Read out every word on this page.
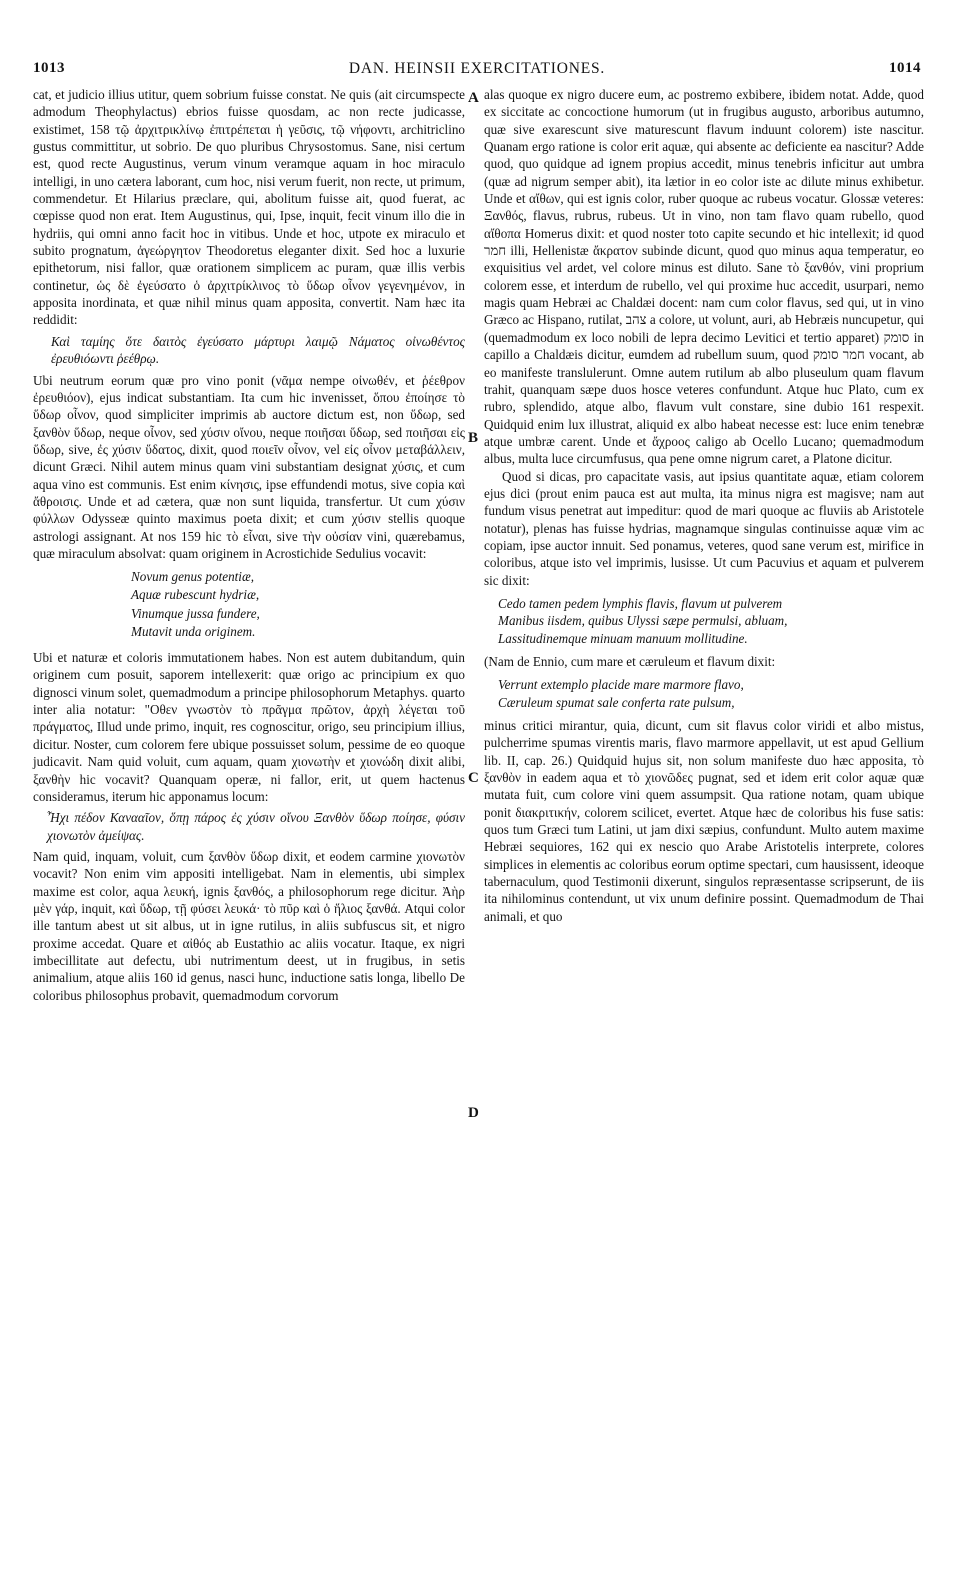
1013	DAN. HEINSII EXERCITATIONES.	1014
A
B
C
D

cat, et judicio illius utitur, quem sobrium fuisse constat. Ne quis (ait circumspecte admodum Theophylactus) ebrios fuisse quosdam, ac non recte judicasse, existimet, 158 τῷ ἀρχιτρικλίνῳ ἐπιτρέπεται ἡ γεῦσις, τῷ νήφοντι, architriclino gustus committitur, ut sobrio. De quo pluribus Chrysostomus. Sane, nisi certum est, quod recte Augustinus, verum vinum veramque aquam in hoc miraculo intelligi, in uno cætera laborant, cum hoc, nisi verum fuerit, non recte, ut primum, commendetur. Et Hilarius præclare, qui, abolitum fuisse ait, quod fuerat, ac cœpisse quod non erat. Item Augustinus, qui, Ipse, inquit, fecit vinum illo die in hydriis, qui omni anno facit hoc in vitibus. Unde et hoc, utpote ex miraculo et subito prognatum, ἀγεώργητον Theodoretus eleganter dixit. Sed hoc a luxurie epithetorum, nisi fallor, quæ orationem simplicem ac puram, quæ illis verbis continetur, ὡς δὲ ἐγεύσατο ὁ ἀρχιτρίκλινος τὸ ὕδωρ οἶνον γεγενημένον, in apposita inordinata, et quæ nihil minus quam apposita, convertit. Nam hæc ita reddidit:

Καὶ ταμίης ὅτε δαιτὸς ἐγεύσατο μάρτυρι λαιμῷ Νάματος οἰνωθέντος ἐρευθιόωντι ῥεέθρῳ.

Ubi neutrum eorum quæ pro vino ponit (νᾶμα nempe οἰνωθέν, et ῥέεθρον ἐρευθιόον), ejus indicat substantiam. Ita cum hic invenisset, ὅπου ἐποίησε τὸ ὕδωρ οἶνον, quod simpliciter imprimis ab auctore dictum est, non ὕδωρ, sed ξανθὸν ὕδωρ, neque οἶνον, sed χύσιν οἴνου, neque ποιῆσαι ὕδωρ, sed ποιῆσαι εἰς ὕδωρ, sive, ἐς χύσιν ὕδατος, dixit, quod ποιεῖν οἶνον, vel εἰς οἶνον μεταβάλλειν, dicunt Græci. Nihil autem minus quam vini substantiam designat χύσις, et cum aqua vino est communis. Est enim κίνησις, ipse effundendi motus, sive copia καὶ ἄθροισις. Unde et ad cætera, quæ non sunt liquida, transfertur. Ut cum χύσιν φύλλων Odysseæ quinto maximus poeta dixit; et cum χύσιν stellis quoque astrologi assignant. At nos 159 hic τὸ εἶναι, sive τὴν οὐσίαν vini, quærebamus, quæ miraculum absolvat: quam originem in Acrostichide Sedulius vocavit:

Novum genus potentiæ,
Aquæ rubescunt hydriæ,
Vinumque jussa fundere,
Mutavit unda originem.

Ubi et naturæ et coloris immutationem habes. Non est autem dubitandum, quin originem cum posuit, saporem intellexerit: quæ origo ac principium ex quo dignosci vinum solet, quemadmodum a principe philosophorum Metaphys. quarto inter alia notatur: "Οθεν γνωστὸν τὸ πρᾶγμα πρῶτον, ἀρχὴ λέγεται τοῦ πράγματος, Illud unde primo, inquit, res cognoscitur, origo, seu principium illius, dicitur. Noster, cum colorem fere ubique possuisset solum, pessime de eo quoque judicavit. Nam quid voluit, cum aquam, quam χιονωτὴν et χιονώδη dixit alibi, ξανθὴν hic vocavit? Quanquam operæ, ni fallor, erit, ut quem hactenus consideramus, iterum hic apponamus locum:

Ἦχι πέδον Κανααῖον, ὅπῃ πάρος ἐς χύσιν οἴνου Ξανθὸν ὕδωρ ποίησε, φύσιν χιονωτὸν ἀμείψας.

Nam quid, inquam, voluit, cum ξανθὸν ὕδωρ dixit, et eodem carmine χιονωτὸν vocavit? Non enim vim appositi intelligebat. Nam in elementis, ubi simplex maxime est color, aqua λευκή, ignis ξανθός, a philosophorum rege dicitur. Ἀὴρ μὲν γάρ, inquit, καὶ ὕδωρ, τῇ φύσει λευκά· τὸ πῦρ καὶ ὁ ἥλιος ξανθά. Atqui color ille tantum abest ut sit albus, ut in igne rutilus, in aliis subfuscus sit, et nigro proxime accedat. Quare et αἰθός ab Eustathio ac aliis vocatur. Itaque, ex nigri imbecillitate aut defectu, ubi nutrimentum deest, ut in frugibus, in setis animalium, atque aliis 160 id genus, nasci hunc, inductione satis longa, libello De coloribus philosophus probavit, quemadmodum corvorum

alas quoque ex nigro ducere eum, ac postremo exbibere, ibidem notat. Adde, quod ex siccitate ac concoctione humorum (ut in frugibus augusto, arboribus autumno, quæ sive exarescunt sive maturescunt flavum induunt colorem) iste nascitur. Quanam ergo ratione is color erit aquæ, qui absente ac deficiente ea nascitur? Adde quod, quo quidque ad ignem propius accedit, minus tenebris inficitur aut umbra (quæ ad nigrum semper abit), ita lætior in eo color iste ac dilute minus exhibetur. Unde et αἴθων, qui est ignis color, ruber quoque ac rubeus vocatur. Glossæ veteres: Ξανθός, flavus, rubrus, rubeus. Ut in vino, non tam flavo quam rubello, quod αἴθοπα Homerus dixit: et quod noster toto capite secundo et hic intellexit; id quod חמר illi, Hellenistæ ἄκρατον subinde dicunt, quod quo minus aqua temperatur, eo exquisitius vel ardet, vel colore minus est diluto. Sane τὸ ξανθόν, vini proprium colorem esse, et interdum de rubello, vel qui proxime huc accedit, usurpari, nemo magis quam Hebræi ac Chaldæi docent: nam cum color flavus, sed qui, ut in vino Græco ac Hispano, rutilat, צהב a colore, ut volunt, auri, ab Hebræis nuncupetur, qui (quemadmodum ex loco nobili de lepra decimo Levitici et tertio apparet) סומק in capillo a Chaldæis dicitur, eumdem ad rubellum suum, quod חמר סומק vocant, ab eo manifeste translulerunt. Omne autem rutilum ab albo pluseulum quam flavum trahit, quanquam sæpe duos hosce veteres confundunt. Atque huc Plato, cum ex rubro, splendido, atque albo, flavum vult constare, sine dubio 161 respexit. Quidquid enim lux illustrat, aliquid ex albo habeat necesse est: luce enim tenebræ atque umbræ carent. Unde et ἄχροος caligo ab Ocello Lucano; quemadmodum albus, multa luce circumfusus, qua pene omne nigrum caret, a Platone dicitur.

Quod si dicas, pro capacitate vasis, aut ipsius quantitate aquæ, etiam colorem ejus dici (prout enim pauca est aut multa, ita minus nigra est magisve; nam aut fundum visus penetrat aut impeditur: quod de mari quoque ac fluviis ab Aristotele notatur), plenas has fuisse hydrias, magnamque singulas continuisse aquæ vim ac copiam, ipse auctor innuit. Sed ponamus, veteres, quod sane verum est, mirifice in coloribus, atque isto vel imprimis, lusisse. Ut cum Pacuvius et aquam et pulverem sic dixit:

Cedo tamen pedem lymphis flavis, flavum ut pulverem
Manibus iisdem, quibus Ulyssi sæpe permulsi, abluam,
Lassitudinemque minuam manuum mollitudine.

(Nam de Ennio, cum mare et cæruleum et flavum dixit:

Verrunt extemplo placide mare marmore flavo,
Cæruleum spumat sale conferta rate pulsum,

minus critici mirantur, quia, dicunt, cum sit flavus color viridi et albo mistus, pulcherrime spumas virentis maris, flavo marmore appellavit, ut est apud Gellium lib. II, cap. 26.) Quidquid hujus sit, non solum manifeste duo hæc apposita, τὸ ξανθὸν in eadem aqua et τὸ χιονῶδες pugnat, sed et idem erit color aquæ quæ mutata fuit, cum colore vini quem assumpsit. Qua ratione notam, quam ubique ponit διακριτικήν, colorem scilicet, evertet. Atque hæc de coloribus his fuse satis: quos tum Græci tum Latini, ut jam dixi sæpius, confundunt. Multo autem maxime Hebræi sequiores, 162 qui ex nescio quo Arabe Aristotelis interprete, colores simplices in elementis ac coloribus eorum optime spectari, cum hausissent, ideoque tabernaculum, quod Testimonii dixerunt, singulos repræsentasse scripserunt, de iis ita nihilominus contendunt, ut vix unum definire possint. Quemadmodum de Thai animali, et quo
